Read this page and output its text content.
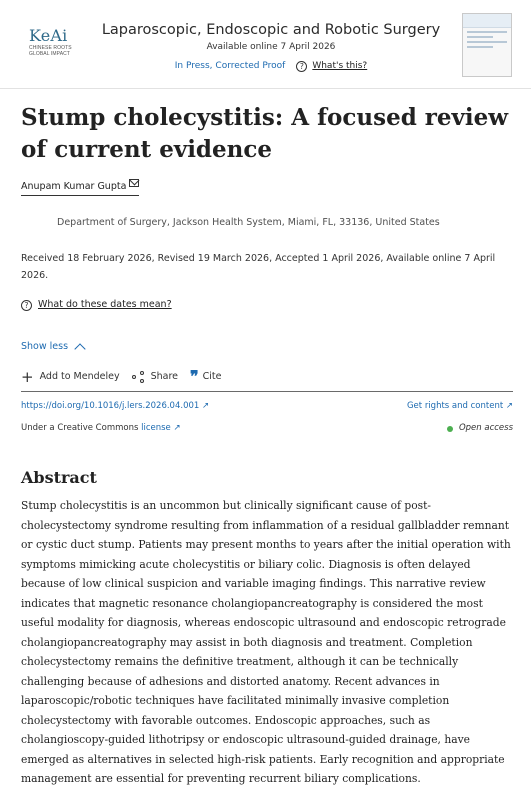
KeAi
CHINESE ROOTS
GLOBAL IMPACT
Laparoscopic, Endoscopic and Robotic Surgery
Available online 7 April 2026
In Press, Corrected Proof	? What's this?
Stump cholecystitis: A focused review of current evidence
Anupam Kumar Gupta
Department of Surgery, Jackson Health System, Miami, FL, 33136, United States
Received 18 February 2026, Revised 19 March 2026, Accepted 1 April 2026, Available online 7 April 2026.
?	What do these dates mean?
Show less
+ Add to Mendeley	Share ❞ Cite
https://doi.org/10.1016/j.lers.2026.04.001 ↗	Get rights and content ↗
Under a Creative Commons license ↗	Open access
Abstract

Stump cholecystitis is an uncommon but clinically significant cause of post-cholecystectomy syndrome resulting from inflammation of a residual gallbladder remnant or cystic duct stump. Patients may present months to years after the initial operation with symptoms mimicking acute cholecystitis or biliary colic. Diagnosis is often delayed because of low clinical suspicion and variable imaging findings. This narrative review indicates that magnetic resonance cholangiopancreatography is considered the most useful modality for diagnosis, whereas endoscopic ultrasound and endoscopic retrograde cholangiopancreatography may assist in both diagnosis and treatment. Completion cholecystectomy remains the definitive treatment, although it can be technically challenging because of adhesions and distorted anatomy. Recent advances in laparoscopic/robotic techniques have facilitated minimally invasive completion cholecystectomy with favorable outcomes. Endoscopic approaches, such as cholangioscopy-guided lithotripsy or endoscopic ultrasound-guided drainage, have emerged as alternatives in selected high-risk patients. Early recognition and appropriate management are essential for preventing recurrent biliary complications.
